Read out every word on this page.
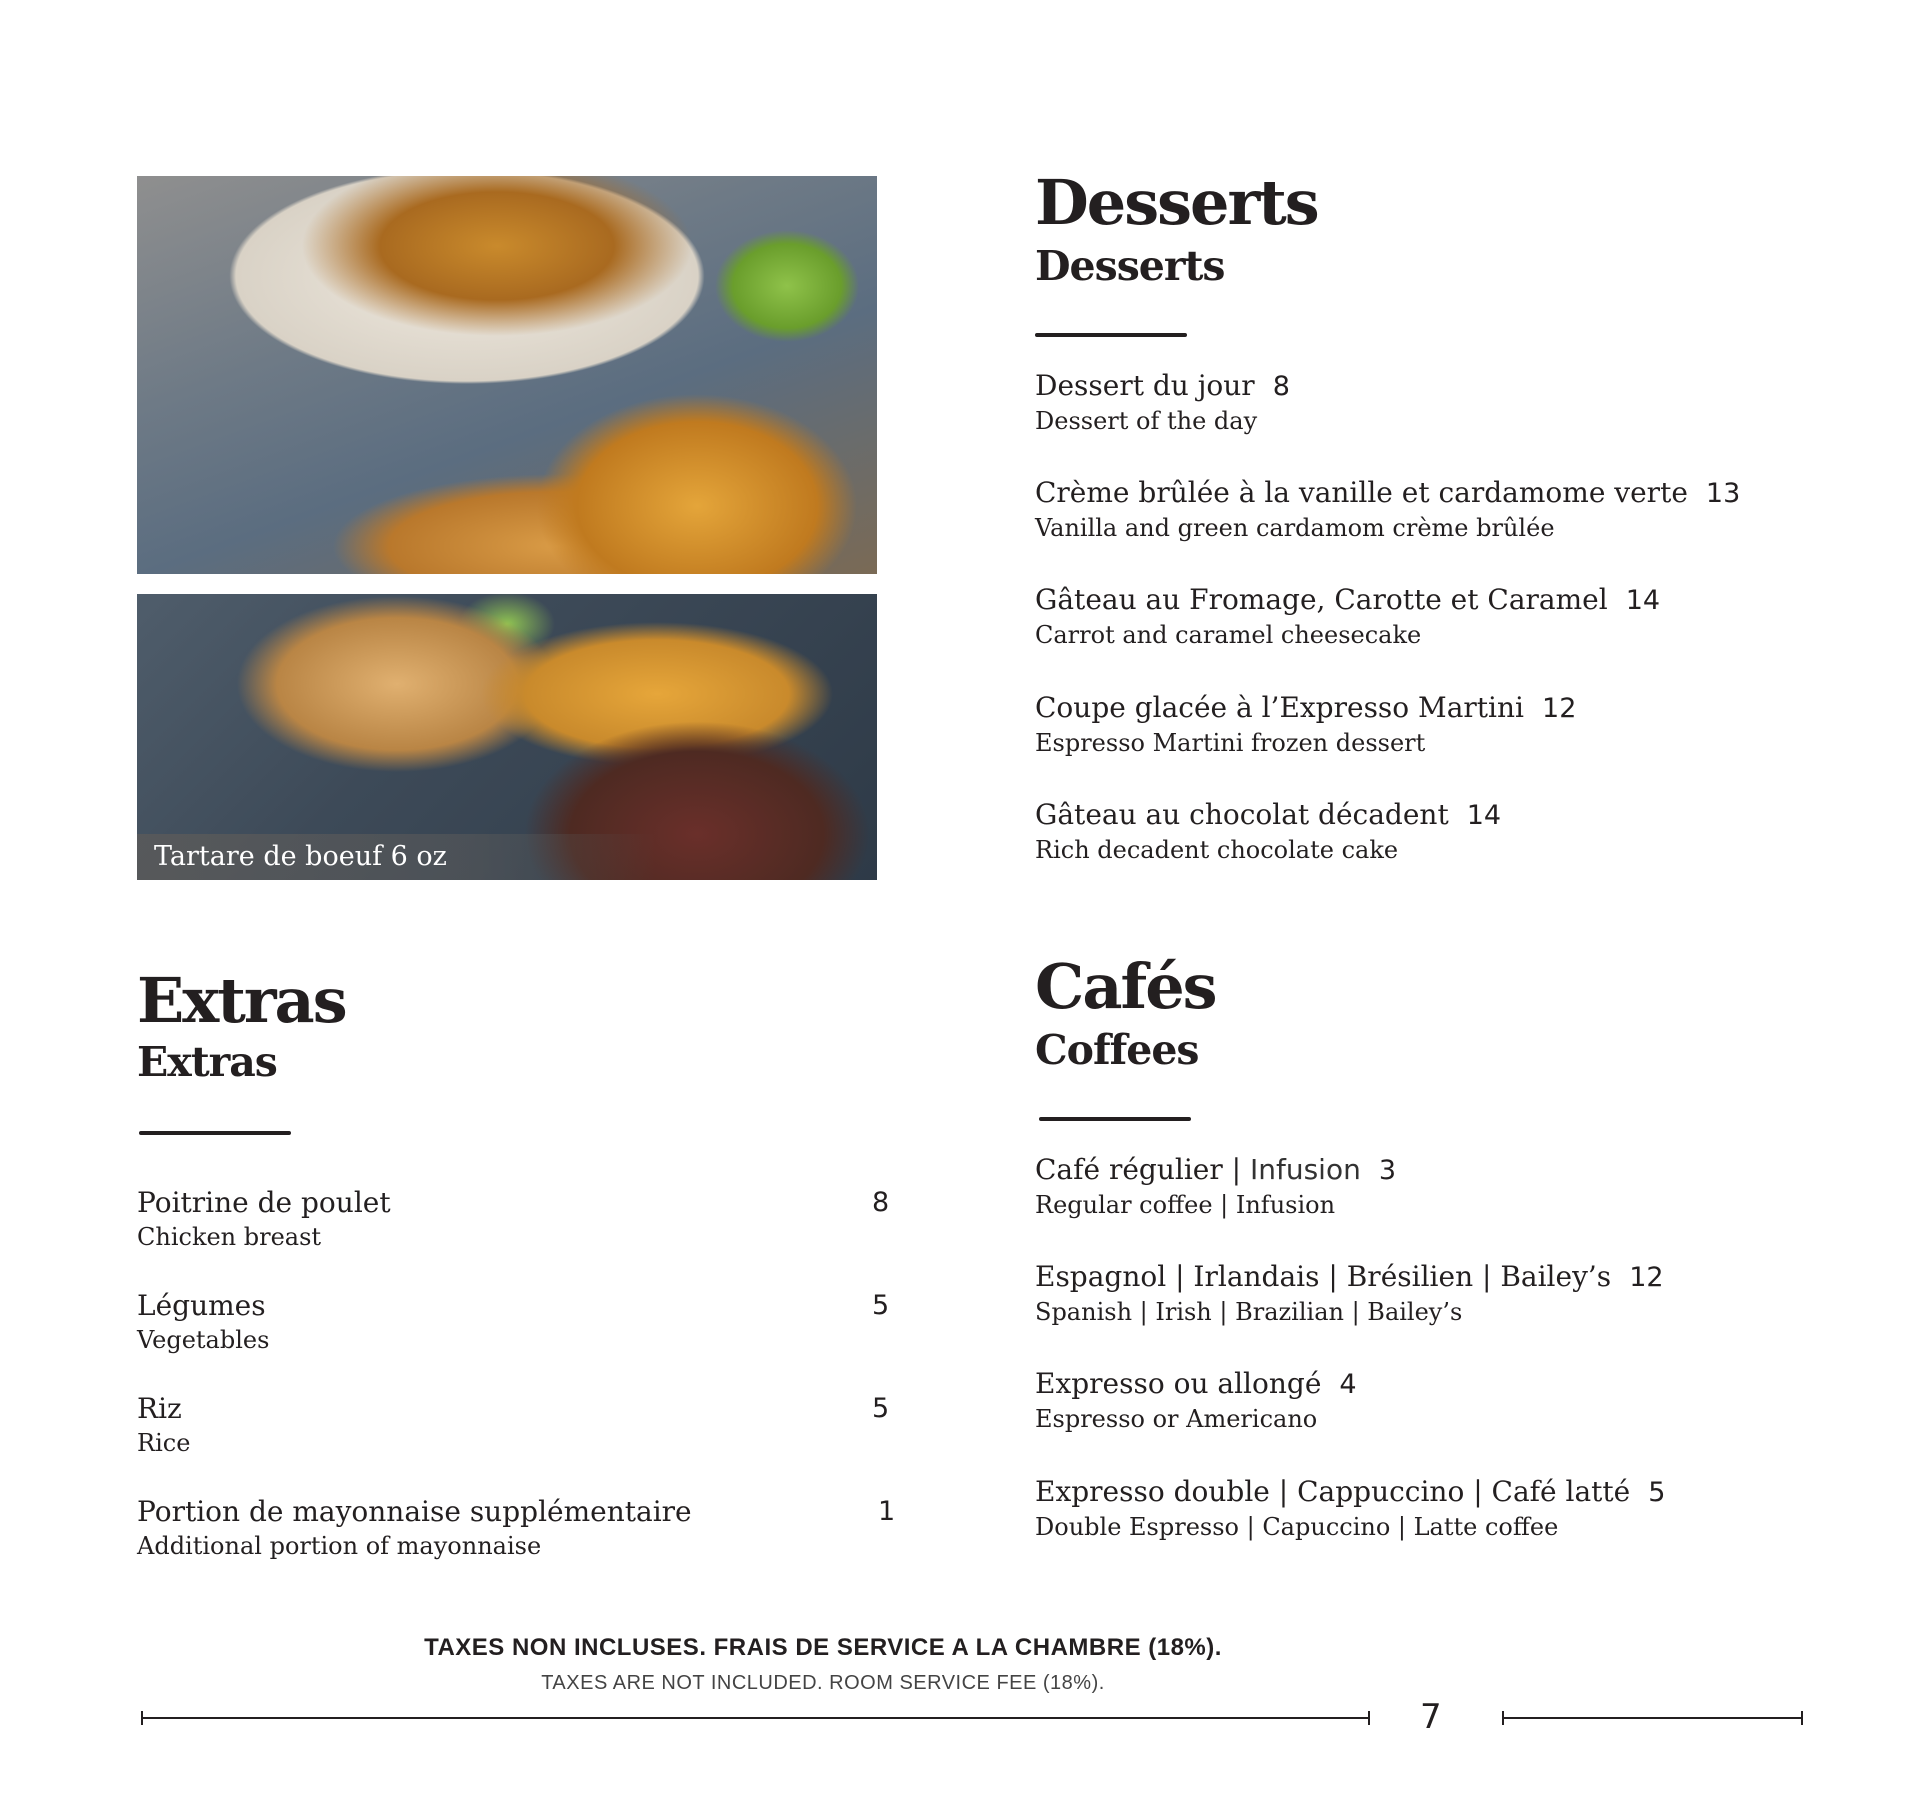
Tartare de boeuf 6 oz
Desserts
Desserts
Dessert du jour 8
Dessert of the day
Crème brûlée à la vanille et cardamome verte 13
Vanilla and green cardamom crème brûlée
Gâteau au Fromage, Carotte et Caramel 14
Carrot and caramel cheesecake
Coupe glacée à l’Expresso Martini 12
Espresso Martini frozen dessert
Gâteau au chocolat décadent 14
Rich decadent chocolate cake
Extras
Extras
Poitrine de poulet
Chicken breast
8
Légumes
Vegetables
5
Riz
Rice
5
Portion de mayonnaise supplémentaire
Additional portion of mayonnaise
1
Cafés
Coffees
Café régulier | Infusion 3
Regular coffee | Infusion
Espagnol | Irlandais | Brésilien | Bailey’s 12
Spanish | Irish | Brazilian | Bailey’s
Expresso ou allongé 4
Espresso or Americano
Expresso double | Cappuccino | Café latté 5
Double Espresso | Capuccino | Latte coffee
TAXES NON INCLUSES. FRAIS DE SERVICE A LA CHAMBRE (18%).
TAXES ARE NOT INCLUDED. ROOM SERVICE FEE (18%).
7
